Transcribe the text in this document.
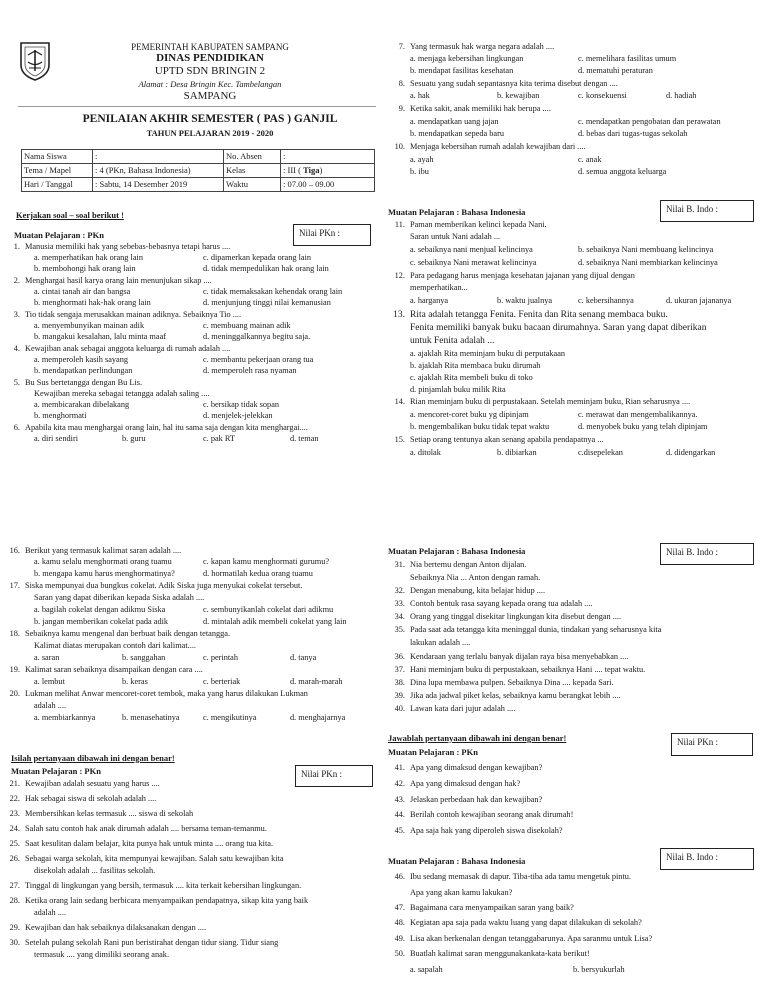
PEMERINTAH KABUPATEN SAMPANG
DINAS PENDIDIKAN
UPTD SDN BRINGIN 2
Alamat : Desa Bringin Kec. Tambelangan
SAMPANG
PENILAIAN AKHIR SEMESTER ( PAS ) GANJIL
TAHUN PELAJARAN 2019 - 2020
Nama Siswa	:	No. Absen	:
Tema / Mapel	: 4 (PKn, Bahasa Indonesia)	Kelas	: III ( Tiga)
Hari / Tanggal	: Sabtu, 14 Desember 2019	Waktu	: 07.00 – 09.00
Kerjakan soal – soal berikut !
Muatan Pelajaran : PKn	Nilai PKn :
1. Manusia memiliki hak yang sebebas-bebasnya tetapi harus ....
a. memperhatikan hak orang lain	c. dipamerkan kepada orang lain
b. membohongi hak orang lain	d. tidak mempedulikan hak orang lain
2. Menghargai hasil karya orang lain menunjukan sikap ....
a. cintai tanah air dan bangsa	c. tidak memaksakan kehendak orang lain
b. menghormati hak-hak orang lain	d. menjunjung tinggi nilai kemanusian
3. Tio tidak sengaja merusakkan mainan adiknya. Sebaiknya Tio ....
a. menyembunyikan mainan adik	c. membuang mainan adik
b. mangakui kesalahan, lalu minta maaf	d. meninggalkannya begitu saja.
4. Kewajiban anak sebagai anggota keluarga di rumah adalah ....
a. memperoleh kasih sayang	c. membantu pekerjaan orang tua
b. mendapatkan perlindungan	d. memperoleh rasa nyaman
5. Bu Sus bertetangga dengan Bu Lis.
Kewajiban mereka sebagai tetangga adalah saling ....
a. membicarakan dibelakang	c. bersikap tidak sopan
b. menghormati	d. menjelek-jelekkan
6. Apabila kita mau menghargai orang lain, hal itu sama saja dengan kita menghargai....
a. diri sendiri	b. guru	c. pak RT	d. teman
7. Yang termasuk hak warga negara adalah ....
a. menjaga kebersihan lingkungan	c. memelihara fasilitas umum
b. mendapat fasilitas kesehatan	d. mematuhi peraturan
8. Sesuatu yang sudah sepantasnya kita terima disebut dengan ....
a. hak	b. kewajiban	c. konsekuensi	d. hadiah
9. Ketika sakit, anak memiliki hak berupa ....
a. mendapatkan uang jajan	c. mendapatkan pengobatan dan perawatan
b. mendapatkan sepeda baru	d. bebas dari tugas-tugas sekolah
10. Menjaga kebersihan rumah adalah kewajiban dari ....
a. ayah	c. anak
b. ibu	d. semua anggota keluarga
Muatan Pelajaran : Bahasa Indonesia	Nilai B. Indo :
11. Paman memberikan kelinci kepada Nani.
Saran untuk Nani adalah ...
a. sebaiknya nani menjual kelincinya	b. sebaiknya Nani membuang kelincinya
c. sebaiknya Nani merawat kelincinya	d. sebaiknya Nani membiarkan kelincinya
12. Para pedagang harus menjaga kesehatan jajanan yang dijual dengan
memperhatikan...
a. harganya	b. waktu jualnya	c. kebersihannya	d. ukuran jajananya
13. Rita adalah tetangga Fenita. Fenita dan Rita senang membaca buku.
Fenita memiliki banyak buku bacaan dirumahnya. Saran yang dapat diberikan
untuk Fenita adalah ...
a. ajaklah Rita meminjam buku di perputakaan
b. ajaklah Rita membaca buku dirumah
c. ajaklah Rita membeli buku di toko
d. pinjamlah buku milik Rita
14. Rian meminjam buku di perpustakaan. Setelah meminjam buku, Rian seharusnya ....
a. mencoret-coret buku yg dipinjam	c. merawat dan mengembalikannya.
b. mengembalikan buku tidak tepat waktu	d. menyobek buku yang telah dipinjam
15. Setiap orang tentunya akan senang apabila pendapatnya ...
a. ditolak	b. dibiarkan	c.disepelekan	d. didengarkan
16. Berikut yang termasuk kalimat saran adalah ....
a. kamu selalu menghormati orang tuamu	c. kapan kamu menghormati gurumu?
b. mengapa kamu harus menghormatinya?	d. hormatilah kedua orang tuamu
17. Siska mempunyai dua bungkus cokelat. Adik Siska juga menyukai cokelat tersebut.
Saran yang dapat diberikan kepada Siska adalah ....
a. bagilah cokelat dengan adikmu Siska	c. sembunyikanlah cokelat dari adikmu
b. jangan memberikan cokelat pada adik	d. mintalah adik membeli cokelat yang lain
18. Sebaiknya kamu mengenal dan berbuat baik dengan tetangga.
Kalimat diatas merupakan contoh dari kalimat....
a. saran	b. sanggahan	c. perintah	d. tanya
19. Kalimat saran sebaiknya disampaikan dengan cara ....
a. lembut	b. keras	c. berteriak	d. marah-marah
20. Lukman melihat Anwar mencoret-coret tembok, maka yang harus dilakukan Lukman
adalah ....
a. membiarkannya	b. menasehatinya	c. mengikutinya	d. menghajarnya
Isilah pertanyaan dibawah ini dengan benar!
Muatan Pelajaran : PKn	Nilai PKn :
21. Kewajiban adalah sesuatu yang harus ....
22. Hak sebagai siswa di sekolah adalah ....
23. Membersihkan kelas termasuk .... siswa di sekolah
24. Salah satu contoh hak anak dirumah adalah .... bersama teman-temanmu.
25. Saat kesulitan dalam belajar, kita punya hak untuk minta .... orang tua kita.
26. Sebagai warga sekolah, kita mempunyai kewajiban. Salah satu kewajiban kita
disekolah adalah ... fasilitas sekolah.
27. Tinggal di lingkungan yang bersih, termasuk .... kita terkait kebersihan lingkungan.
28. Ketika orang lain sedang berbicara menyampaikan pendapatnya, sikap kita yang baik
adalah ....
29. Kewajiban dan hak sebaiknya dilaksanakan dengan ....
30. Setelah pulang sekolah Rani pun beristirahat dengan tidur siang. Tidur siang
termasuk .... yang dimiliki seorang anak.
Muatan Pelajaran : Bahasa Indonesia	Nilai B. Indo :
31. Nia bertemu dengan Anton dijalan.
Sebaiknya Nia ... Anton dengan ramah.
32. Dengan menabung, kita belajar hidup ....
33. Contoh bentuk rasa sayang kepada orang tua adalah ....
34. Orang yang tinggal disekitar lingkungan kita disebut dengan ....
35. Pada saat ada tetangga kita meninggal dunia, tindakan yang seharusnya kita
lakukan adalah ....
36. Kendaraan yang terlalu banyak dijalan raya bisa menyebabkan ....
37. Hani meminjam buku di perpustakaan, sebaiknya Hani .... tepat waktu.
38. Dina lupa membawa pulpen. Sebaiknya Dina .... kepada Sari.
39. Jika ada jadwal piket kelas, sebaiknya kamu berangkat lebih ....
40. Lawan kata dari jujur adalah ....
Jawablah pertanyaan dibawah ini dengan benar!
Muatan Pelajaran : PKn
Nilai PKn :
41. Apa yang dimaksud dengan kewajiban?
42. Apa yang dimaksud dengan hak?
43. Jelaskan perbedaan hak dan kewajiban?
44. Berilah contoh kewajiban seorang anak dirumah!
45. Apa saja hak yang diperoleh siswa disekolah?
Muatan Pelajaran : Bahasa Indonesia
46. Ibu sedang memasak di dapur. Tiba-tiba ada tamu mengetuk pintu.
Apa yang akan kamu lakukan?
Nilai B. Indo :
47. Bagaimana cara menyampaikan saran yang baik?
48. Kegiatan apa saja pada waktu luang yang dapat dilakukan di sekolah?
49. Lisa akan berkenalan dengan tetanggabarunya. Apa saranmu untuk Lisa?
50. Buatlah kalimat saran menggunakankata-kata berikut!
a. sapalah	b. bersyukurlah
